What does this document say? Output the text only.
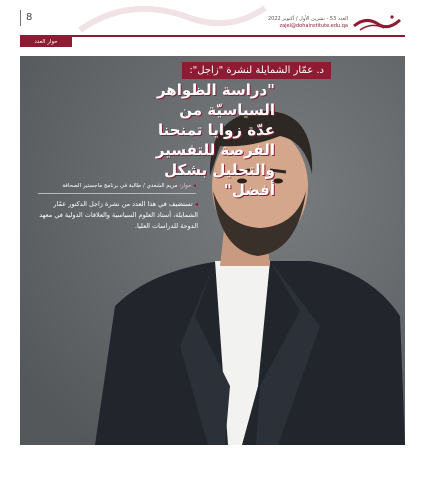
8	العدد 53 - تشرين الأول / أكتوبر 2022
zajel@dohainstitute.edu.qa
حوار العدد
د. عمّار الشمايلة لنشرة "زاجل":
"دراسة الظواهر السياسيّة من عدّة زوايا تمنحنا الفرصة للتفسير والتحليل بشكل أفضل"
◂ حوار: مريم الشعدي / طالبة في برنامج ماجستير الصحافة
◂ تستضيف في هذا العدد من نشرة زاجل الدكتور عمّار الشمايلة، أستاذ العلوم السياسية والعلاقات الدولية في معهد الدوحة للدراسات العليا.
